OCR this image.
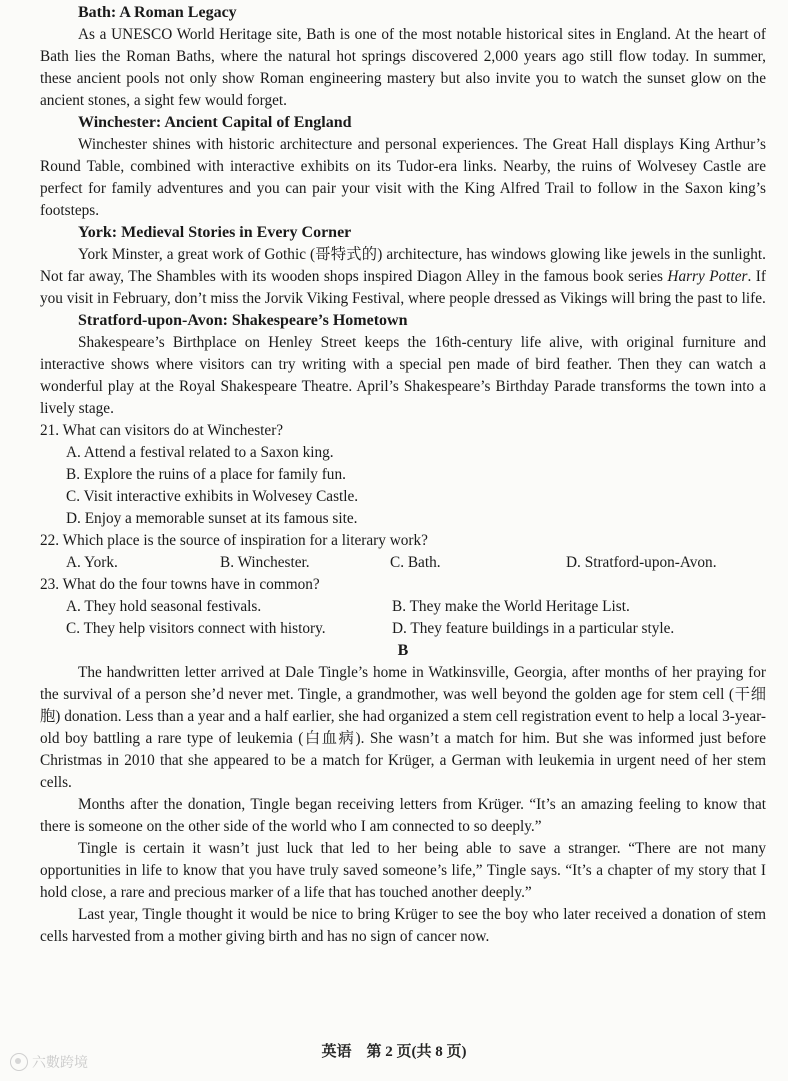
Bath: A Roman Legacy

As a UNESCO World Heritage site, Bath is one of the most notable historical sites in England. At the heart of Bath lies the Roman Baths, where the natural hot springs discovered 2,000 years ago still flow today. In summer, these ancient pools not only show Roman engineering mastery but also invite you to watch the sunset glow on the ancient stones, a sight few would forget.

Winchester: Ancient Capital of England

Winchester shines with historic architecture and personal experiences. The Great Hall displays King Arthur’s Round Table, combined with interactive exhibits on its Tudor-era links. Nearby, the ruins of Wolvesey Castle are perfect for family adventures and you can pair your visit with the King Alfred Trail to follow in the Saxon king’s footsteps.

York: Medieval Stories in Every Corner

York Minster, a great work of Gothic (哥特式的) architecture, has windows glowing like jewels in the sunlight. Not far away, The Shambles with its wooden shops inspired Diagon Alley in the famous book series Harry Potter. If you visit in February, don’t miss the Jorvik Viking Festival, where people dressed as Vikings will bring the past to life.

Stratford-upon-Avon: Shakespeare’s Hometown

Shakespeare’s Birthplace on Henley Street keeps the 16th-century life alive, with original furniture and interactive shows where visitors can try writing with a special pen made of bird feather. Then they can watch a wonderful play at the Royal Shakespeare Theatre. April’s Shakespeare’s Birthday Parade transforms the town into a lively stage.

21. What can visitors do at Winchester?
A. Attend a festival related to a Saxon king.
B. Explore the ruins of a place for family fun.
C. Visit interactive exhibits in Wolvesey Castle.
D. Enjoy a memorable sunset at its famous site.
22. Which place is the source of inspiration for a literary work?
A. York.	B. Winchester.	C. Bath.	D. Stratford-upon-Avon.
23. What do the four towns have in common?
A. They hold seasonal festivals.	B. They make the World Heritage List.
C. They help visitors connect with history.	D. They feature buildings in a particular style.
B

The handwritten letter arrived at Dale Tingle’s home in Watkinsville, Georgia, after months of her praying for the survival of a person she’d never met. Tingle, a grandmother, was well beyond the golden age for stem cell (干细胞) donation. Less than a year and a half earlier, she had organized a stem cell registration event to help a local 3-year-old boy battling a rare type of leukemia (白血病). She wasn’t a match for him. But she was informed just before Christmas in 2010 that she appeared to be a match for Krüger, a German with leukemia in urgent need of her stem cells.

Months after the donation, Tingle began receiving letters from Krüger. “It’s an amazing feeling to know that there is someone on the other side of the world who I am connected to so deeply.”

Tingle is certain it wasn’t just luck that led to her being able to save a stranger. “There are not many opportunities in life to know that you have truly saved someone’s life,” Tingle says. “It’s a chapter of my story that I hold close, a rare and precious marker of a life that has touched another deeply.”

Last year, Tingle thought it would be nice to bring Krüger to see the boy who later received a donation of stem cells harvested from a mother giving birth and has no sign of cancer now.

英语　第 2 页(共 8 页)
六數跨境
